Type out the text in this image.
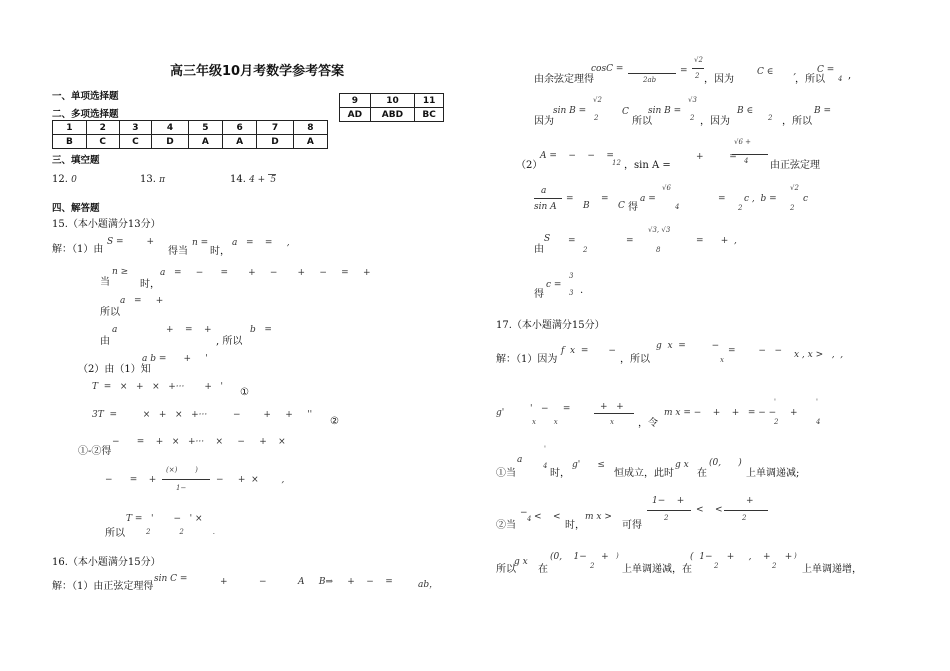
高三年级10月考数学参考答案
一、单项选择题
二、多项选择题
1	2	3	4	5	6	7	8
B	C	C	D	A	A	D	A
9	10	11
AD	ABD	BC
三、填空题
12. 0	13. π	14. 4 + 5
四、解答题
15.（本小题满分13分）
解：（1）由
S =        +
得当
n =
时，
a   =    =     ,
当
n ≥
时，
a   =     −      =       +     −       +     −     =     +
所以
a   =     +
由
a                 +    =    +
, 所以
b   =
（2）由（1）知
a b =      +     '
T  =   ×   +   ×   +···       +   ' ①
3T  =         ×   +   ×   +···         −        +     +     ''
②
①-②得
−      =    +   ×   +···    ×     −     +    ×
−      =    +
(×)        )
1−
−     +  ×        ,
所以
T =   '       −   ' ×
2             2             .
16.（本小题满分15分）
解：（1）由正弦定理得
sin C =	+           −           A     B⇒     +    −    =	ab，
由余弦定理得
cosC =
2ab
=
√2
2 ，因为
C ∈       ,
，所以
C =
4 ,
因为
sin B =
√2
2
C
所以
sin B =
√3
2 ，因为
B ∈
2 ，所以
B =
（2）
A =    −    −    =
12 ，sin A =
+         =
√6 +
4 由正弦定理
a
sin A
=
B
=
C 得
a =
√6
4
= c ,  b =
2
√2
2
c
由
S =
2
=
√3, √3
8
=      +  ,
得
c =
3
3 .
17.（本小题满分15分）
解：（1）因为
f  x  =       −
，所以
g  x  =         −
x
=        −   − x , x >   ,  ,
g'	'   −     =
x        x
+   +
x ，令
m x = −    +    +   = − −
'
2
+
'
4
①当
a
'
4
时，
g'      ≤
恒成立，此时
g x
在
(0,      )
上单调递减;
②当
−
4 <    <
时，
m x >
可得
1−    +
2
<    <
+
2
所以
g x
在
(0,    1−     +
2
)
上单调递减，在
(  1−     +     ,    +     +
2	2
)
上单调递增，
